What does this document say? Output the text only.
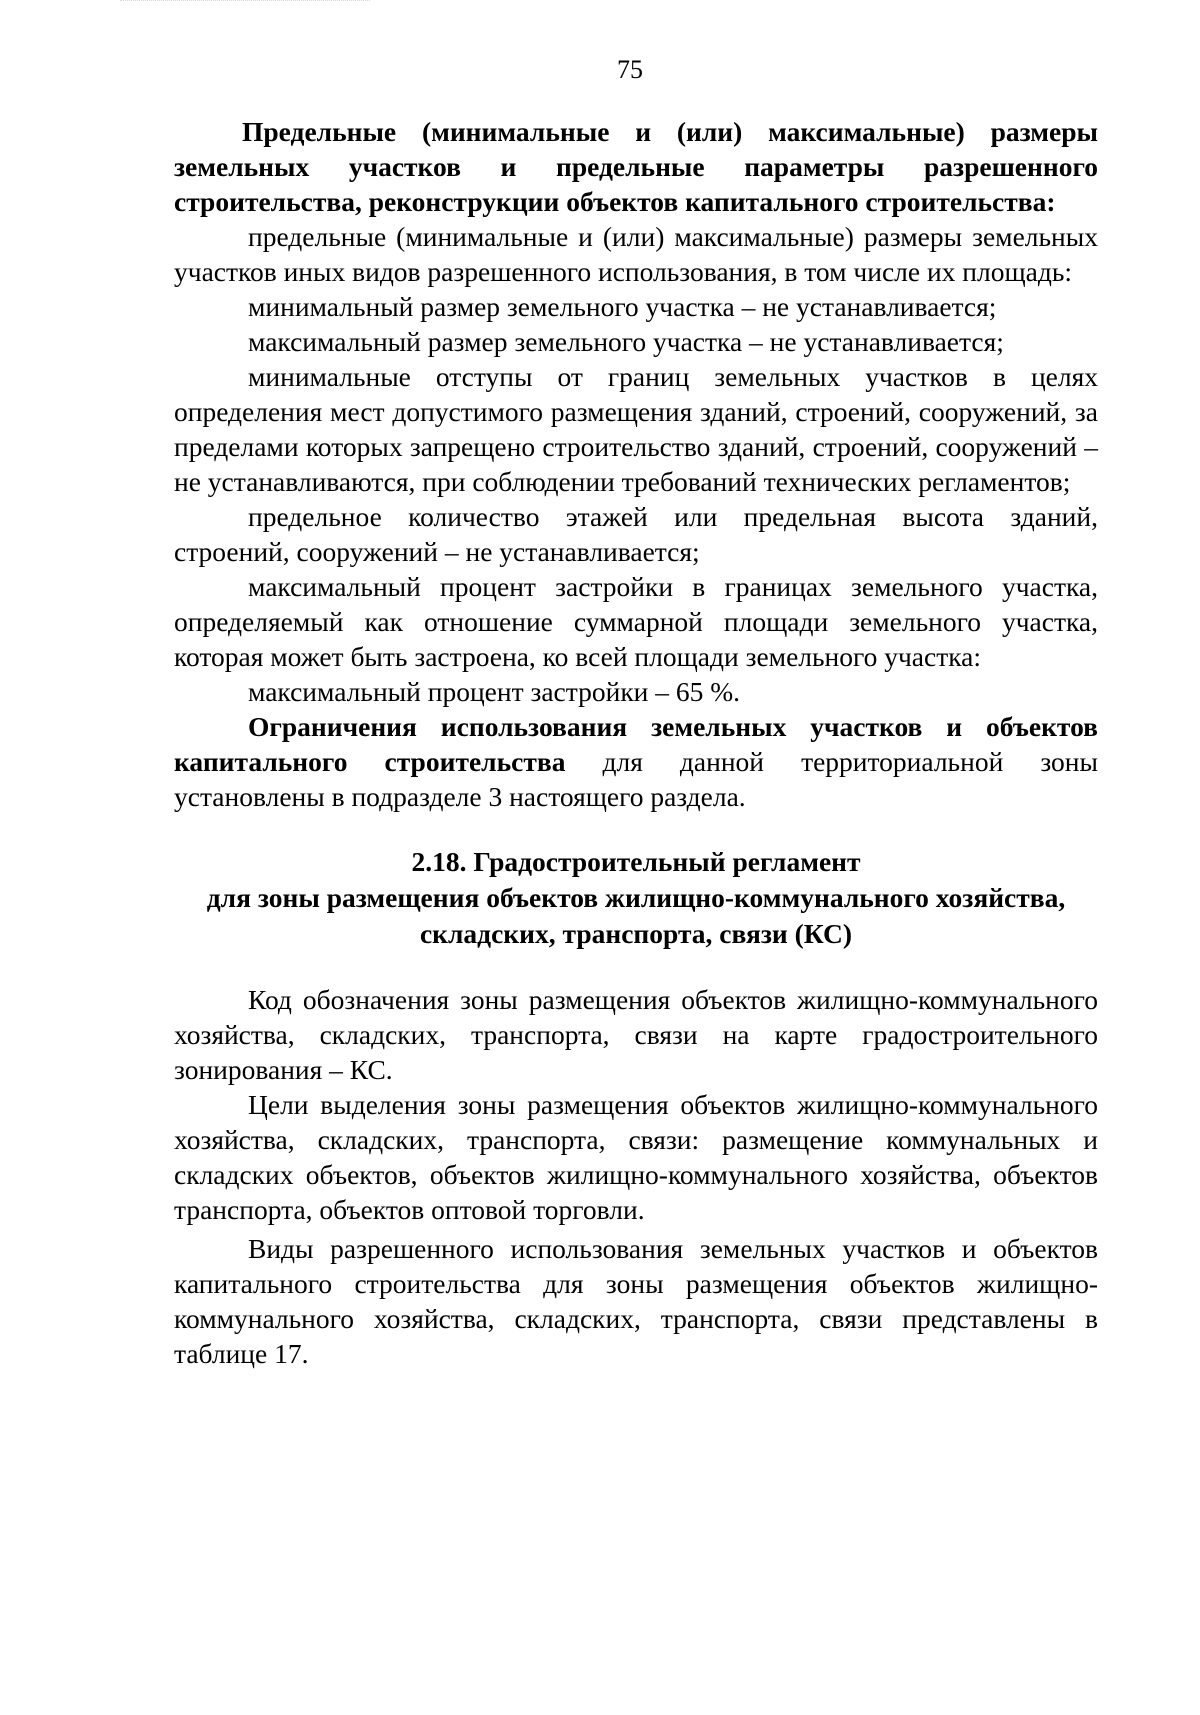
75

Предельные (минимальные и (или) максимальные) размеры земельных участков и предельные параметры разрешенного строительства, реконструкции объектов капитального строительства:

предельные (минимальные и (или) максимальные) размеры земельных участков иных видов разрешенного использования, в том числе их площадь:

минимальный размер земельного участка – не устанавливается;

максимальный размер земельного участка – не устанавливается;

минимальные отступы от границ земельных участков в целях определения мест допустимого размещения зданий, строений, сооружений, за пределами которых запрещено строительство зданий, строений, сооружений – не устанавливаются, при соблюдении требований технических регламентов;

предельное количество этажей или предельная высота зданий, строений, сооружений – не устанавливается;

максимальный процент застройки в границах земельного участка, определяемый как отношение суммарной площади земельного участка, которая может быть застроена, ко всей площади земельного участка:

максимальный процент застройки – 65 %.

Ограничения использования земельных участков и объектов капитального строительства для данной территориальной зоны установлены в подразделе 3 настоящего раздела.

2.18. Градостроительный регламент

для зоны размещения объектов жилищно-коммунального хозяйства,

складских, транспорта, связи (КС)

Код обозначения зоны размещения объектов жилищно-коммунального хозяйства, складских, транспорта, связи на карте градостроительного зонирования – КС.

Цели выделения зоны размещения объектов жилищно-коммунального хозяйства, складских, транспорта, связи: размещение коммунальных и складских объектов, объектов жилищно-коммунального хозяйства, объектов транспорта, объектов оптовой торговли.

Виды разрешенного использования земельных участков и объектов капитального строительства для зоны размещения объектов жилищно-коммунального хозяйства, складских, транспорта, связи представлены в таблице 17.
